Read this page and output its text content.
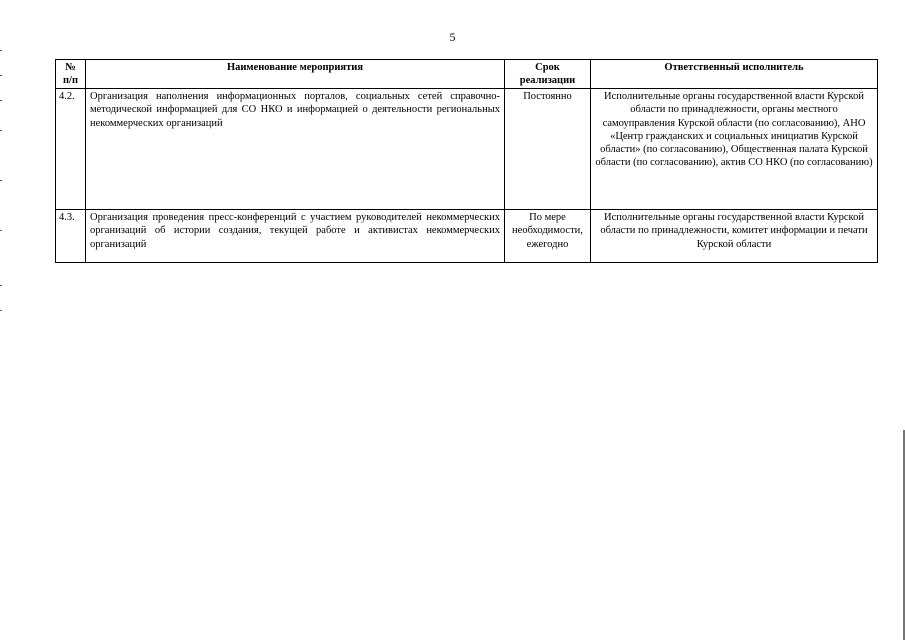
5
№ п/п	Наименование мероприятия	Срок реализации	Ответственный исполнитель
4.2.	Организация наполнения информационных порталов, социальных сетей справочно-методической информацией для СО НКО и информацией о деятельности региональных некоммерческих организаций	Постоянно	Исполнительные органы государственной власти Курской области по принадлежности, органы местного самоуправления Курской области (по согласованию), АНО «Центр гражданских и социальных инициатив Курской области» (по согласованию), Общественная палата Курской области (по согласованию), актив СО НКО (по согласованию)
4.3.	Организация проведения пресс-конференций с участием руководителей некоммерческих организаций об истории создания, текущей работе и активистах некоммерческих организаций	По мере необходимости, ежегодно	Исполнительные органы государственной власти Курской области по принадлежности, комитет информации и печати Курской области
